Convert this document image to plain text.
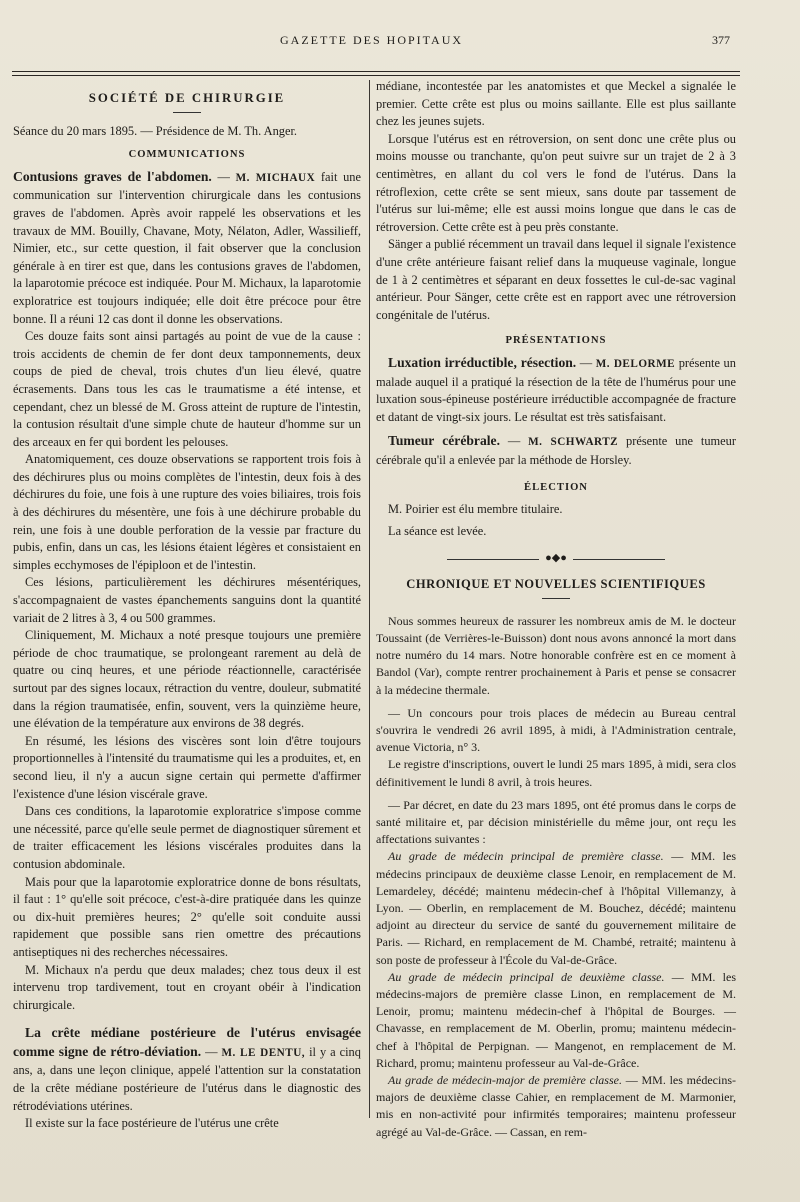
GAZETTE DES HOPITAUX	377
SOCIÉTÉ DE CHIRURGIE

Séance du 20 mars 1895. — Présidence de M. Th. Anger.

COMMUNICATIONS

Contusions graves de l'abdomen. — M. MICHAUX fait une communication sur l'intervention chirurgicale dans les contusions graves de l'abdomen. Après avoir rappelé les observations et les travaux de MM. Bouilly, Chavane, Moty, Nélaton, Adler, Wassilieff, Nimier, etc., sur cette question, il fait observer que la conclusion générale à en tirer est que, dans les contusions graves de l'abdomen, la laparotomie précoce est indiquée. Pour M. Michaux, la laparotomie exploratrice est toujours indiquée; elle doit être précoce pour être bonne. Il a réuni 12 cas dont il donne les observations.

Ces douze faits sont ainsi partagés au point de vue de la cause : trois accidents de chemin de fer dont deux tamponnements, deux coups de pied de cheval, trois chutes d'un lieu élevé, quatre écrasements. Dans tous les cas le traumatisme a été intense, et cependant, chez un blessé de M. Gross atteint de rupture de l'intestin, la contusion résultait d'une simple chute de hauteur d'homme sur un des arceaux en fer qui bordent les pelouses.

Anatomiquement, ces douze observations se rapportent trois fois à des déchirures plus ou moins complètes de l'intestin, deux fois à des déchirures du foie, une fois à une rupture des voies biliaires, trois fois à des déchirures du mésentère, une fois à une déchirure probable du rein, une fois à une double perforation de la vessie par fracture du pubis, enfin, dans un cas, les lésions étaient légères et consistaient en simples ecchymoses de l'épiploon et de l'intestin.

Ces lésions, particulièrement les déchirures mésentériques, s'accompagnaient de vastes épanchements sanguins dont la quantité variait de 2 litres à 3, 4 ou 500 grammes.

Cliniquement, M. Michaux a noté presque toujours une première période de choc traumatique, se prolongeant rarement au delà de quatre ou cinq heures, et une période réactionnelle, caractérisée surtout par des signes locaux, rétraction du ventre, douleur, submatité dans la région traumatisée, enfin, souvent, vers la quinzième heure, une élévation de la température aux environs de 38 degrés.

En résumé, les lésions des viscères sont loin d'être toujours proportionnelles à l'intensité du traumatisme qui les a produites, et, en second lieu, il n'y a aucun signe certain qui permette d'affirmer l'existence d'une lésion viscérale grave.

Dans ces conditions, la laparotomie exploratrice s'impose comme une nécessité, parce qu'elle seule permet de diagnostiquer sûrement et de traiter efficacement les lésions viscérales produites dans la contusion abdominale.

Mais pour que la laparotomie exploratrice donne de bons résultats, il faut : 1° qu'elle soit précoce, c'est-à-dire pratiquée dans les quinze ou dix-huit premières heures; 2° qu'elle soit conduite aussi rapidement que possible sans rien omettre des précautions antiseptiques ni des recherches nécessaires.

M. Michaux n'a perdu que deux malades; chez tous deux il est intervenu trop tardivement, tout en croyant obéir à l'indication chirurgicale.

La crête médiane postérieure de l'utérus envisagée comme signe de rétro-déviation. — M. LE DENTU, il y a cinq ans, a, dans une leçon clinique, appelé l'attention sur la constatation de la crête médiane postérieure de l'utérus dans le diagnostic des rétrodéviations utérines.

Il existe sur la face postérieure de l'utérus une crête

médiane, incontestée par les anatomistes et que Meckel a signalée le premier. Cette crête est plus ou moins saillante. Elle est plus saillante chez les jeunes sujets.

Lorsque l'utérus est en rétroversion, on sent donc une crête plus ou moins mousse ou tranchante, qu'on peut suivre sur un trajet de 2 à 3 centimètres, en allant du col vers le fond de l'utérus. Dans la rétroflexion, cette crête se sent mieux, sans doute par tassement de l'utérus sur lui-même; elle est aussi moins longue que dans le cas de rétroversion. Cette crête est à peu près constante.

Sänger a publié récemment un travail dans lequel il signale l'existence d'une crête antérieure faisant relief dans la muqueuse vaginale, longue de 1 à 2 centimètres et séparant en deux fossettes le cul-de-sac vaginal antérieur. Pour Sänger, cette crête est en rapport avec une rétroversion congénitale de l'utérus.

PRÉSENTATIONS

Luxation irréductible, résection. — M. DELORME présente un malade auquel il a pratiqué la résection de la tête de l'humérus pour une luxation sous-épineuse postérieure irréductible accompagnée de fracture et datant de vingt-six jours. Le résultat est très satisfaisant.

Tumeur cérébrale. — M. SCHWARTZ présente une tumeur cérébrale qu'il a enlevée par la méthode de Horsley.

ÉLECTION

M. Poirier est élu membre titulaire.

La séance est levée.

●◆●
CHRONIQUE ET NOUVELLES SCIENTIFIQUES

Nous sommes heureux de rassurer les nombreux amis de M. le docteur Toussaint (de Verrières-le-Buisson) dont nous avons annoncé la mort dans notre numéro du 14 mars. Notre honorable confrère est en ce moment à Bandol (Var), compte rentrer prochainement à Paris et pense se consacrer à la médecine thermale.

— Un concours pour trois places de médecin au Bureau central s'ouvrira le vendredi 26 avril 1895, à midi, à l'Administration centrale, avenue Victoria, n° 3.

Le registre d'inscriptions, ouvert le lundi 25 mars 1895, à midi, sera clos définitivement le lundi 8 avril, à trois heures.

— Par décret, en date du 23 mars 1895, ont été promus dans le corps de santé militaire et, par décision ministérielle du même jour, ont reçu les affectations suivantes :

Au grade de médecin principal de première classe. — MM. les médecins principaux de deuxième classe Lenoir, en remplacement de M. Lemardeley, décédé; maintenu médecin-chef à l'hôpital Villemanzy, à Lyon. — Oberlin, en remplacement de M. Bouchez, décédé; maintenu adjoint au directeur du service de santé du gouvernement militaire de Paris. — Richard, en remplacement de M. Chambé, retraité; maintenu à son poste de professeur à l'École du Val-de-Grâce.

Au grade de médecin principal de deuxième classe. — MM. les médecins-majors de première classe Linon, en remplacement de M. Lenoir, promu; maintenu médecin-chef à l'hôpital de Bourges. — Chavasse, en remplacement de M. Oberlin, promu; maintenu médecin-chef à l'hôpital de Perpignan. — Mangenot, en remplacement de M. Richard, promu; maintenu professeur au Val-de-Grâce.

Au grade de médecin-major de première classe. — MM. les médecins-majors de deuxième classe Cahier, en remplacement de M. Marmonier, mis en non-activité pour infirmités temporaires; maintenu professeur agrégé au Val-de-Grâce. — Cassan, en rem-
